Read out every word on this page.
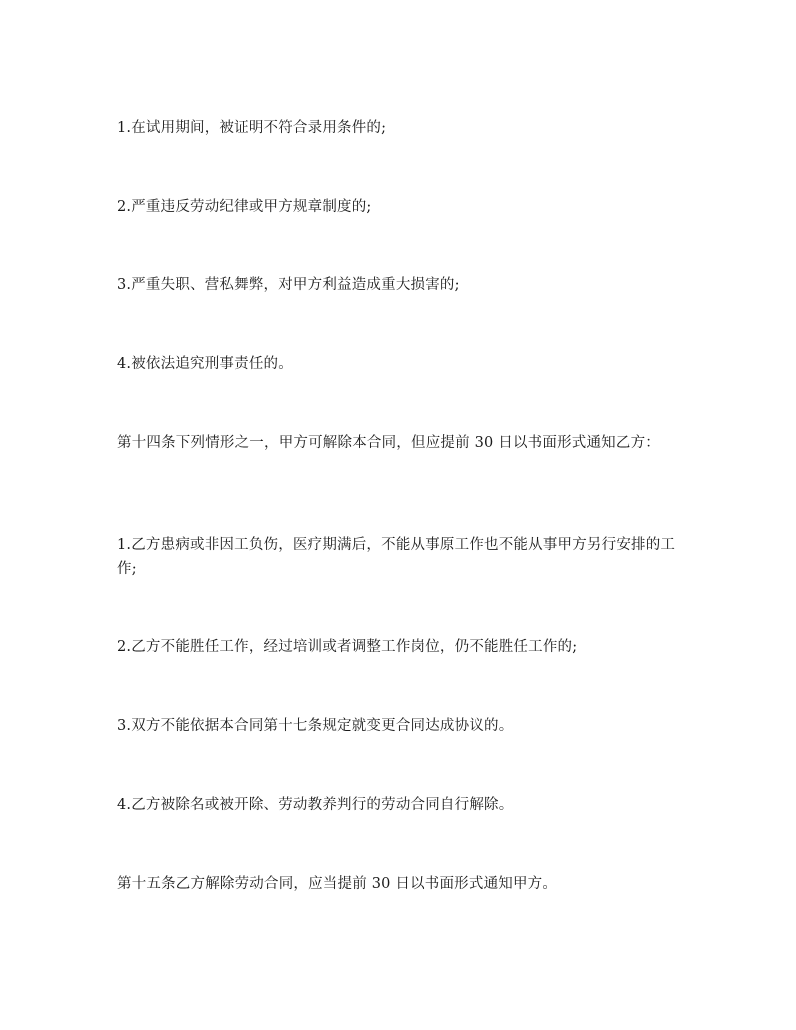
1.在试用期间，被证明不符合录用条件的;
2.严重违反劳动纪律或甲方规章制度的;
3.严重失职、营私舞弊，对甲方利益造成重大损害的;
4.被依法追究刑事责任的。
第十四条下列情形之一，甲方可解除本合同，但应提前 30 日以书面形式通知乙方：
1.乙方患病或非因工负伤，医疗期满后，不能从事原工作也不能从事甲方另行安排的工作;
2.乙方不能胜任工作，经过培训或者调整工作岗位，仍不能胜任工作的;
3.双方不能依据本合同第十七条规定就变更合同达成协议的。
4.乙方被除名或被开除、劳动教养判行的劳动合同自行解除。
第十五条乙方解除劳动合同，应当提前 30 日以书面形式通知甲方。
